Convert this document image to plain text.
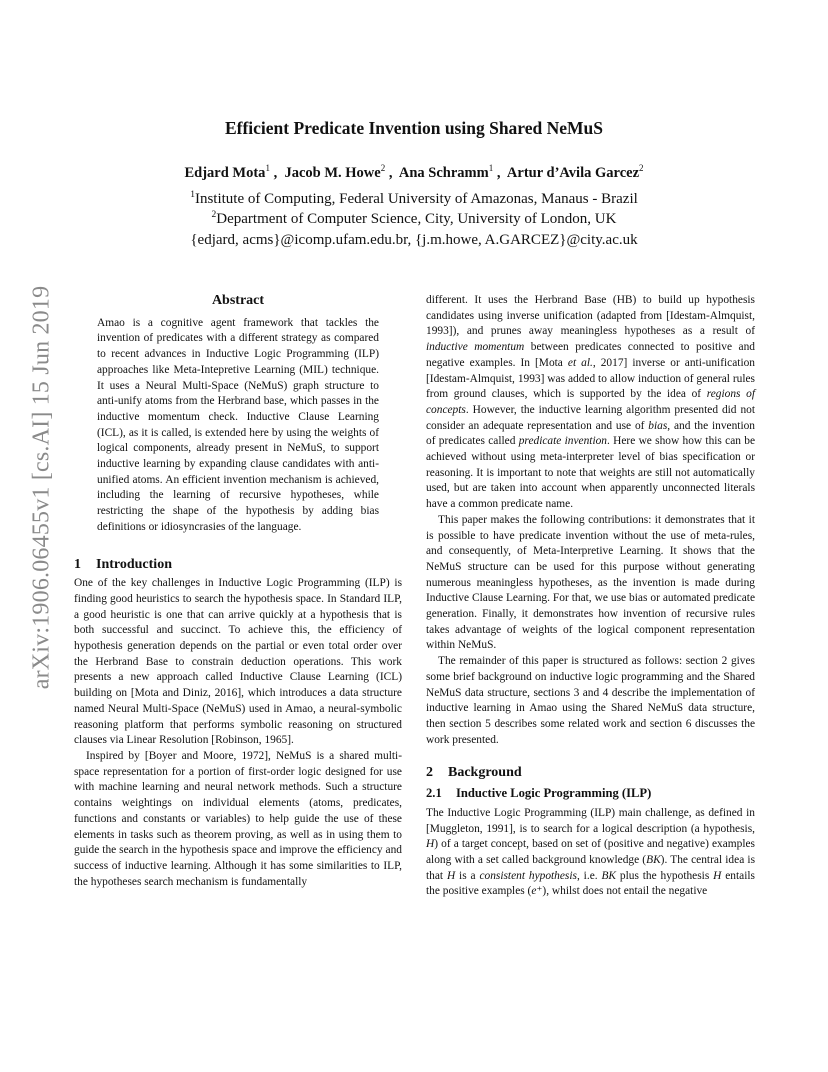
arXiv:1906.06455v1 [cs.AI] 15 Jun 2019
Efficient Predicate Invention using Shared NeMuS
Edjard Mota$^1$ ,  Jacob M. Howe$^2$ ,  Ana Schramm$^1$ ,  Artur d’Avila Garcez$^2$
$^1$Institute of Computing, Federal University of Amazonas, Manaus - Brazil
$^2$Department of Computer Science, City, University of London, UK
{edjard, acms}@icomp.ufam.edu.br, {j.m.howe, A.GARCEZ}@city.ac.uk
Abstract

Amao is a cognitive agent framework that tackles the invention of predicates with a different strategy as compared to recent advances in Inductive Logic Programming (ILP) approaches like Meta-Intepretive Learning (MIL) technique. It uses a Neural Multi-Space (NeMuS) graph structure to anti-unify atoms from the Herbrand base, which passes in the inductive momentum check. Inductive Clause Learning (ICL), as it is called, is extended here by using the weights of logical components, already present in NeMuS, to support inductive learning by expanding clause candidates with anti-unified atoms. An efficient invention mechanism is achieved, including the learning of recursive hypotheses, while restricting the shape of the hypothesis by adding bias definitions or idiosyncrasies of the language.

1 Introduction

One of the key challenges in Inductive Logic Programming (ILP) is finding good heuristics to search the hypothesis space. In Standard ILP, a good heuristic is one that can arrive quickly at a hypothesis that is both successful and succinct. To achieve this, the efficiency of hypothesis generation depends on the partial or even total order over the Herbrand Base to constrain deduction operations. This work presents a new approach called Inductive Clause Learning (ICL) building on [Mota and Diniz, 2016], which introduces a data structure named Neural Multi-Space (NeMuS) used in Amao, a neural-symbolic reasoning platform that performs symbolic reasoning on structured clauses via Linear Resolution [Robinson, 1965].

Inspired by [Boyer and Moore, 1972], NeMuS is a shared multi-space representation for a portion of first-order logic designed for use with machine learning and neural network methods. Such a structure contains weightings on individual elements (atoms, predicates, functions and constants or variables) to help guide the use of these elements in tasks such as theorem proving, as well as in using them to guide the search in the hypothesis space and improve the efficiency and success of inductive learning. Although it has some similarities to ILP, the hypotheses search mechanism is fundamentally

different. It uses the Herbrand Base (HB) to build up hypothesis candidates using inverse unification (adapted from [Idestam-Almquist, 1993]), and prunes away meaningless hypotheses as a result of inductive momentum between predicates connected to positive and negative examples. In [Mota et al., 2017] inverse or anti-unification [Idestam-Almquist, 1993] was added to allow induction of general rules from ground clauses, which is supported by the idea of regions of concepts. However, the inductive learning algorithm presented did not consider an adequate representation and use of bias, and the invention of predicates called predicate invention. Here we show how this can be achieved without using meta-interpreter level of bias specification or reasoning. It is important to note that weights are still not automatically used, but are taken into account when apparently unconnected literals have a common predicate name.

This paper makes the following contributions: it demonstrates that it is possible to have predicate invention without the use of meta-rules, and consequently, of Meta-Interpretive Learning. It shows that the NeMuS structure can be used for this purpose without generating numerous meaningless hypotheses, as the invention is made during Inductive Clause Learning. For that, we use bias or automated predicate generation. Finally, it demonstrates how invention of recursive rules takes advantage of weights of the logical component representation within NeMuS.

The remainder of this paper is structured as follows: section 2 gives some brief background on inductive logic programming and the Shared NeMuS data structure, sections 3 and 4 describe the implementation of inductive learning in Amao using the Shared NeMuS data structure, then section 5 describes some related work and section 6 discusses the work presented.

2 Background
2.1 Inductive Logic Programming (ILP)

The Inductive Logic Programming (ILP) main challenge, as defined in [Muggleton, 1991], is to search for a logical description (a hypothesis, H) of a target concept, based on set of (positive and negative) examples along with a set called background knowledge (BK). The central idea is that H is a consistent hypothesis, i.e. BK plus the hypothesis H entails the positive examples (e⁺), whilst does not entail the negative
